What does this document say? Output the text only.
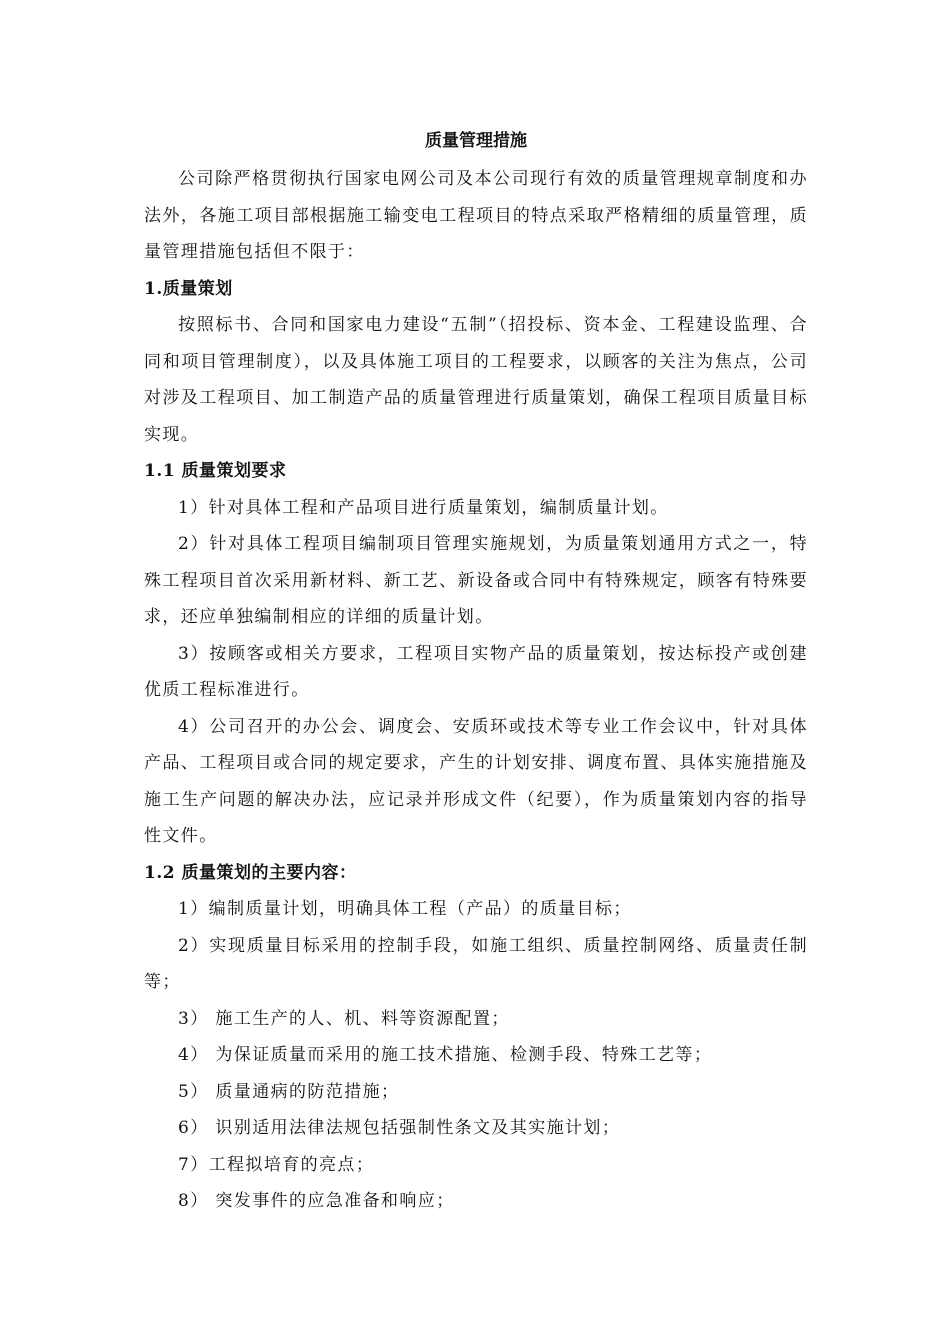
质量管理措施

公司除严格贯彻执行国家电网公司及本公司现行有效的质量管理规章制度和办法外，各施工项目部根据施工输变电工程项目的特点采取严格精细的质量管理，质量管理措施包括但不限于：

1.质量策划

按照标书、合同和国家电力建设“五制”（招投标、资本金、工程建设监理、合同和项目管理制度），以及具体施工项目的工程要求，以顾客的关注为焦点，公司对涉及工程项目、加工制造产品的质量管理进行质量策划，确保工程项目质量目标实现。

1.1 质量策划要求

1）针对具体工程和产品项目进行质量策划，编制质量计划。

2）针对具体工程项目编制项目管理实施规划，为质量策划通用方式之一，特殊工程项目首次采用新材料、新工艺、新设备或合同中有特殊规定，顾客有特殊要求，还应单独编制相应的详细的质量计划。

3）按顾客或相关方要求，工程项目实物产品的质量策划，按达标投产或创建优质工程标准进行。

4）公司召开的办公会、调度会、安质环或技术等专业工作会议中，针对具体产品、工程项目或合同的规定要求，产生的计划安排、调度布置、具体实施措施及施工生产问题的解决办法，应记录并形成文件（纪要），作为质量策划内容的指导性文件。

1.2 质量策划的主要内容：

1）编制质量计划，明确具体工程（产品）的质量目标；

2）实现质量目标采用的控制手段，如施工组织、质量控制网络、质量责任制等；

3） 施工生产的人、机、料等资源配置；

4） 为保证质量而采用的施工技术措施、检测手段、特殊工艺等；

5） 质量通病的防范措施；

6） 识别适用法律法规包括强制性条文及其实施计划；

7）工程拟培育的亮点；

8） 突发事件的应急准备和响应；
